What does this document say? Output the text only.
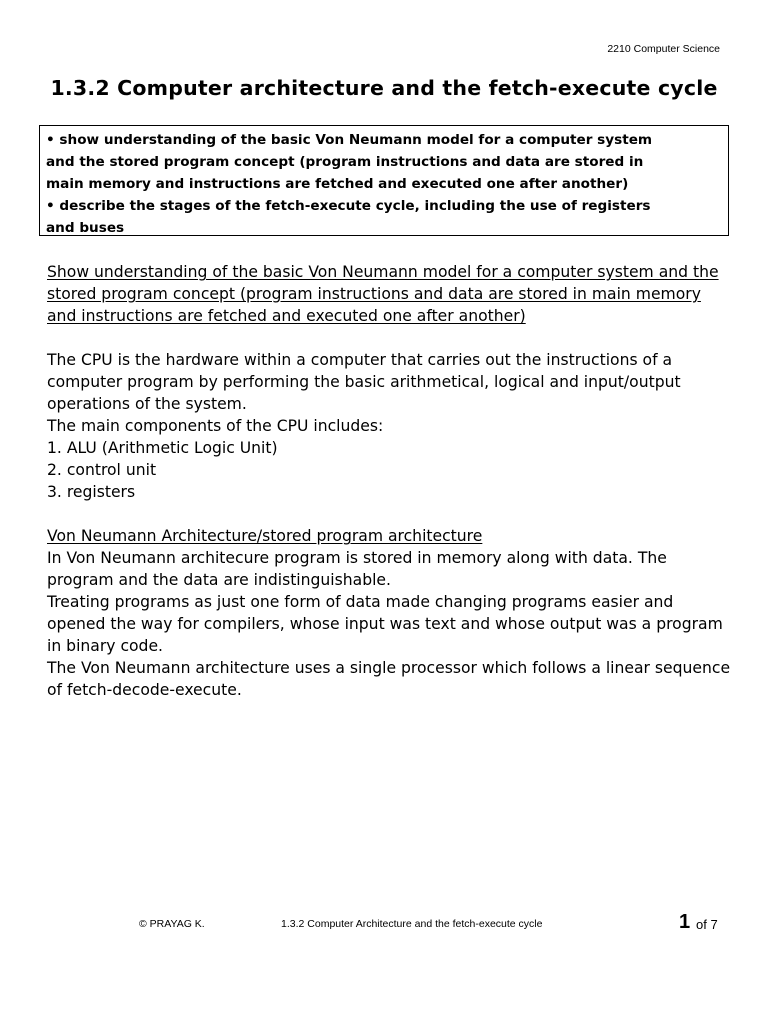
2210 Computer Science
1.3.2 Computer architecture and the fetch-execute cycle
• show understanding of the basic Von Neumann model for a computer system
and the stored program concept (program instructions and data are stored in
main memory and instructions are fetched and executed one after another)
• describe the stages of the fetch-execute cycle, including the use of registers
and buses

Show understanding of the basic Von Neumann model for a computer system and the

stored program concept (program instructions and data are stored in main memory

and instructions are fetched and executed one after another)

The CPU is the hardware within a computer that carries out the instructions of a

computer program by performing the basic arithmetical, logical and input/output

operations of the system.

The main components of the CPU includes:

1. ALU (Arithmetic Logic Unit)

2. control unit

3. registers

Von Neumann Architecture/stored program architecture

In Von Neumann architecure program is stored in memory along with data. The

program and the data are indistinguishable.

Treating programs as just one form of data made changing programs easier and

opened the way for compilers, whose input was text and whose output was a program

in binary code.

The Von Neumann architecture uses a single processor which follows a linear sequence

of fetch-decode-execute.

© PRAYAG K.	1.3.2 Computer Architecture and the fetch-execute cycle	1 of 7
